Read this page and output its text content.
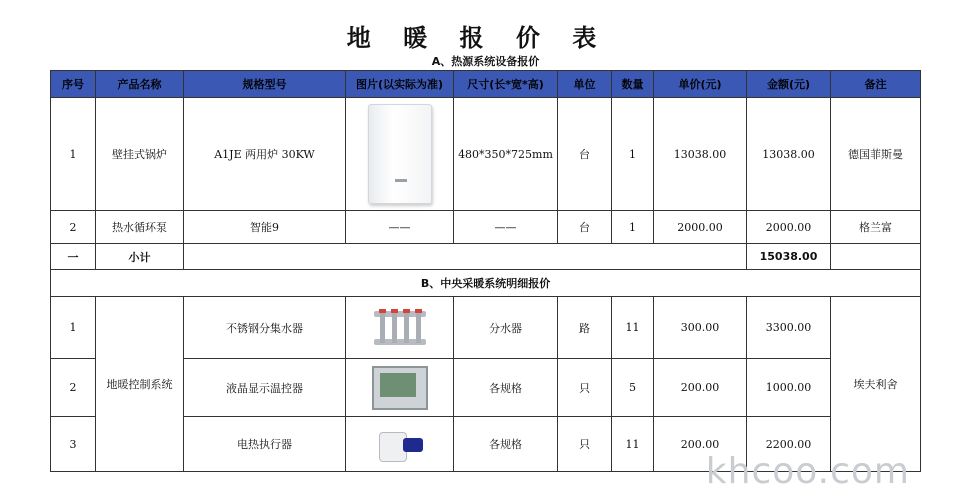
地 暖 报 价 表
A、热源系统设备报价									
序号	产品名称	规格型号	图片(以实际为准)	尺寸(长*宽*高)	单位	数量	单价(元)	金额(元)	备注
1	壁挂式锅炉	A1JE 两用炉 30KW		480*350*725mm	台	1	13038.00	13038.00	德国菲斯曼
2	热水循环泵	智能9	——	——	台	1	2000.00	2000.00	格兰富
一	小计							15038.00	
B、中央采暖系统明细报价									
1	地暖控制系统	不锈钢分集水器		分水器	路	11	300.00	3300.00	埃夫利舍
2		液晶显示温控器		各规格	只	5	200.00	1000.00	
3		电热执行器		各规格	只	11	200.00	2200.00	
khcoo.com
